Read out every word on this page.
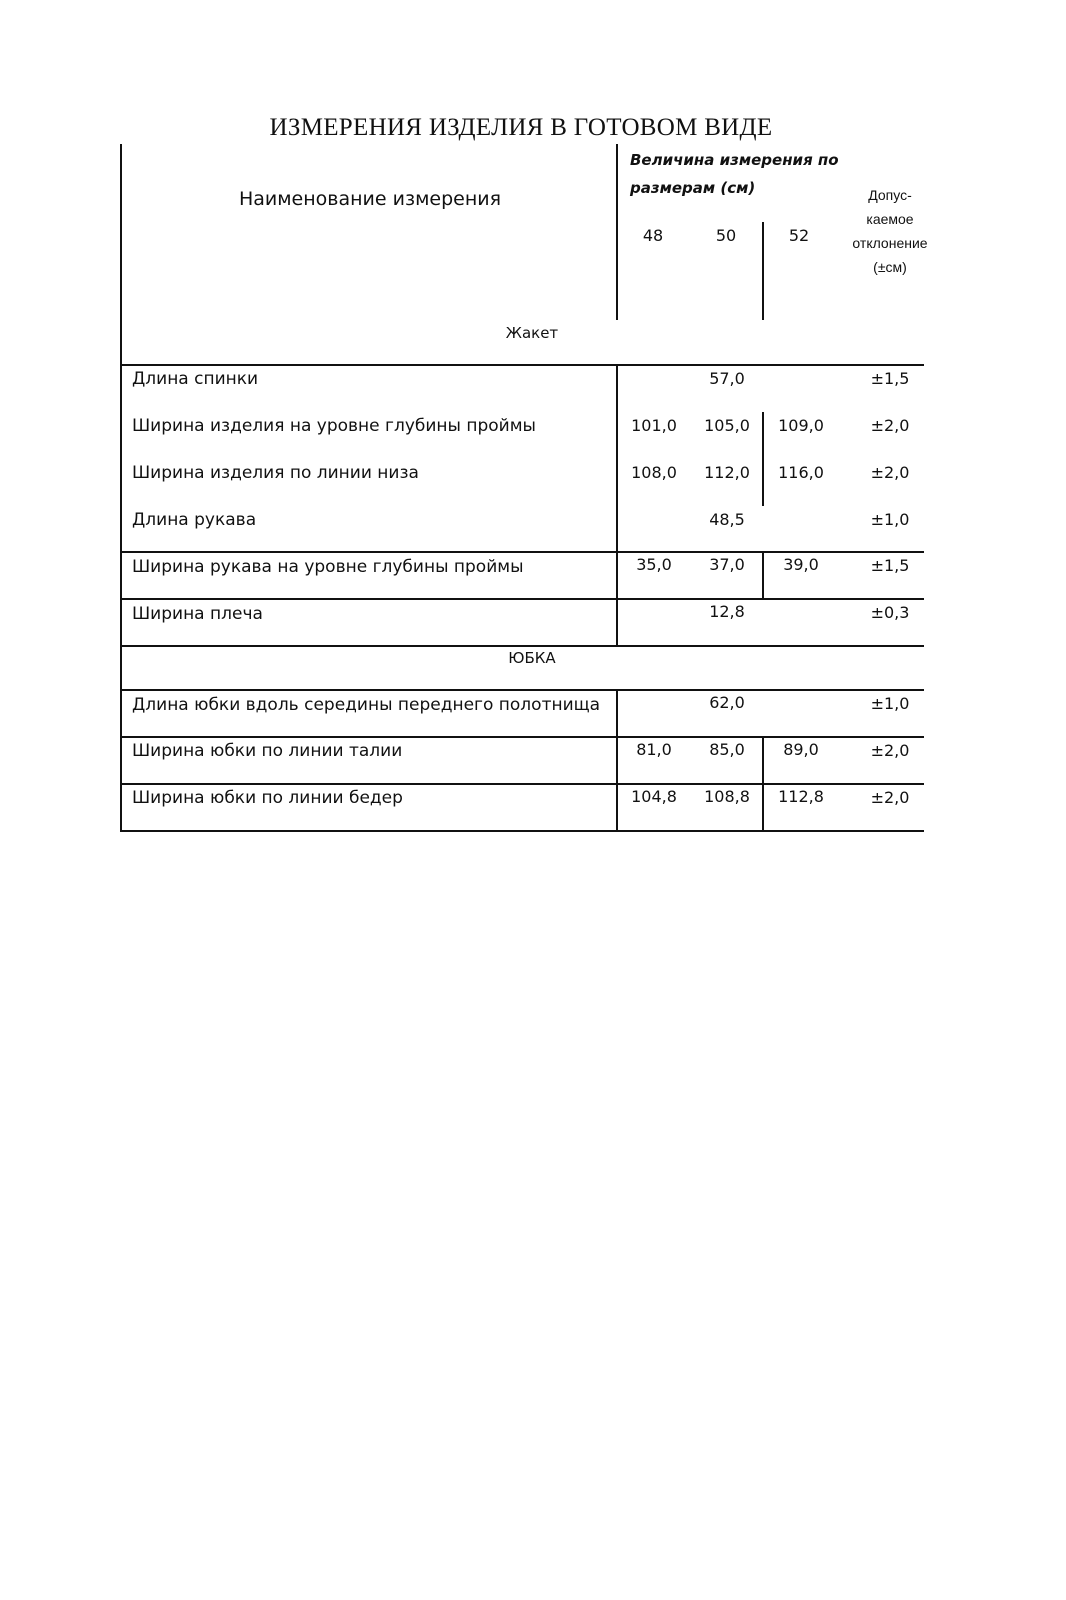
ИЗМЕРЕНИЯ ИЗДЕЛИЯ В ГОТОВОМ ВИДЕ
Наименование измерения
Величина измерения по
размерам (см)
48	50	52
Допус-
каемое
отклонение
(±см)
Жакет
Длина спинки	57,0	±1,5
Ширина изделия на уровне глубины проймы	101,0	105,0	109,0	±2,0
Ширина изделия по линии низа	108,0	112,0	116,0	±2,0
Длина рукава	48,5	±1,0
Ширина рукава на уровне глубины проймы	35,0	37,0	39,0	±1,5
Ширина плеча	12,8	±0,3
ЮБКА
Длина юбки вдоль середины переднего полотнища	62,0	±1,0
Ширина юбки по линии талии	81,0	85,0	89,0	±2,0
Ширина юбки по линии бедер	104,8	108,8	112,8	±2,0
